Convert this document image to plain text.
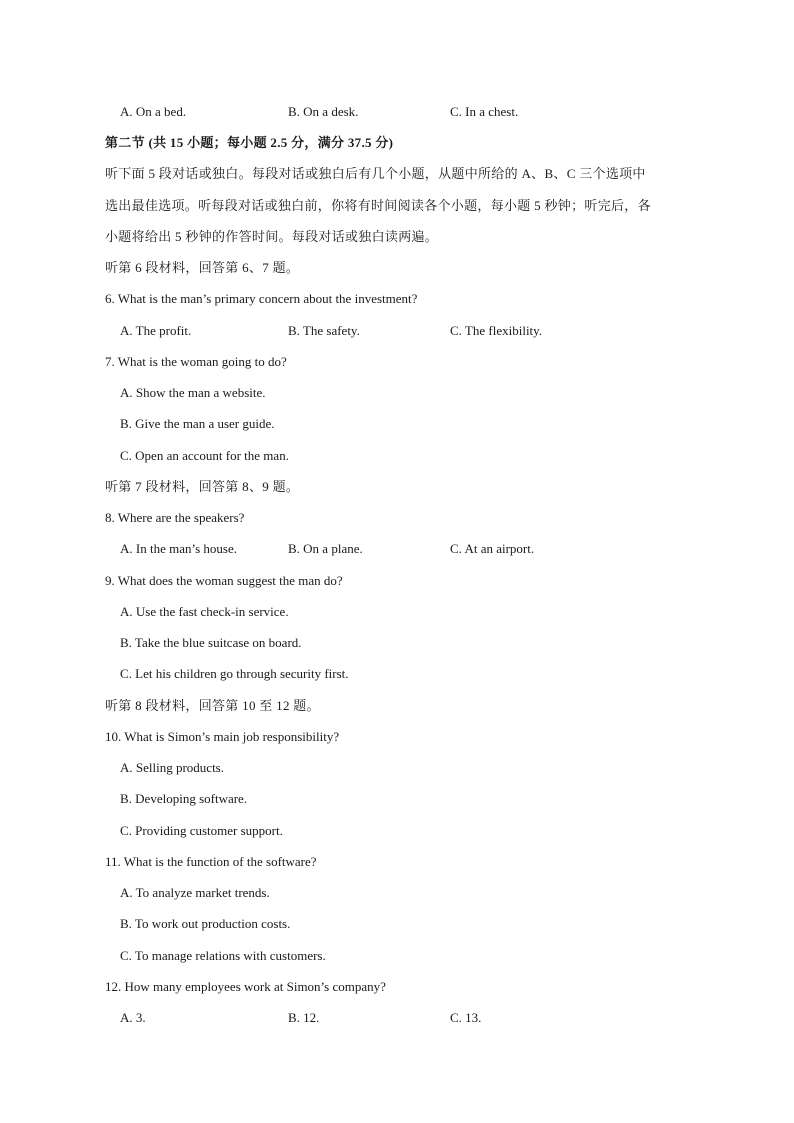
A. On a bed.	B. On a desk.	C. In a chest.
第二节 (共 15 小题；每小题 2.5 分，满分 37.5 分)
听下面 5 段对话或独白。每段对话或独白后有几个小题，从题中所给的 A、B、C 三个选项中
选出最佳选项。听每段对话或独白前，你将有时间阅读各个小题，每小题 5 秒钟；听完后，各
小题将给出 5 秒钟的作答时间。每段对话或独白读两遍。
听第 6 段材料，回答第 6、7 题。
6. What is the man’s primary concern about the investment?
A. The profit.	B. The safety.	C. The flexibility.
7. What is the woman going to do?
A. Show the man a website.
B. Give the man a user guide.
C. Open an account for the man.
听第 7 段材料，回答第 8、9 题。
8. Where are the speakers?
A. In the man’s house.	B. On a plane.	C. At an airport.
9. What does the woman suggest the man do?
A. Use the fast check-in service.
B. Take the blue suitcase on board.
C. Let his children go through security first.
听第 8 段材料，回答第 10 至 12 题。
10. What is Simon’s main job responsibility?
A. Selling products.
B. Developing software.
C. Providing customer support.
11. What is the function of the software?
A. To analyze market trends.
B. To work out production costs.
C. To manage relations with customers.
12. How many employees work at Simon’s company?
A. 3.	B. 12.	C. 13.
